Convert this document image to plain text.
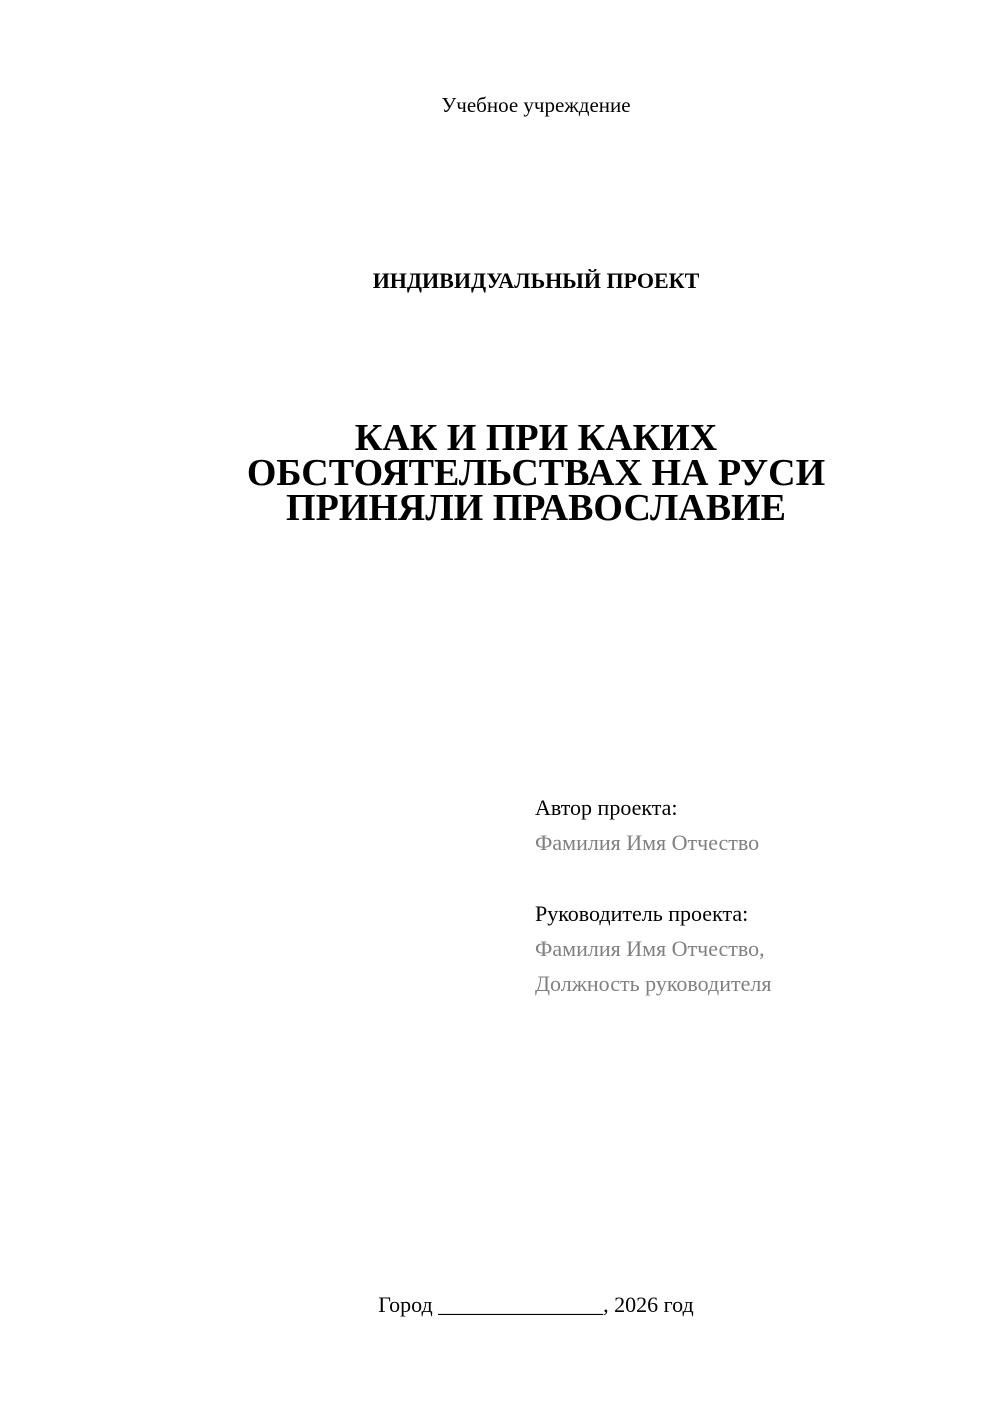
Учебное учреждение
ИНДИВИДУАЛЬНЫЙ ПРОЕКТ
КАК И ПРИ КАКИХ
ОБСТОЯТЕЛЬСТВАХ НА РУСИ
ПРИНЯЛИ ПРАВОСЛАВИЕ
Автор проекта:
Фамилия Имя Отчество
Руководитель проекта:
Фамилия Имя Отчество,
Должность руководителя
Город _______________, 2026 год
